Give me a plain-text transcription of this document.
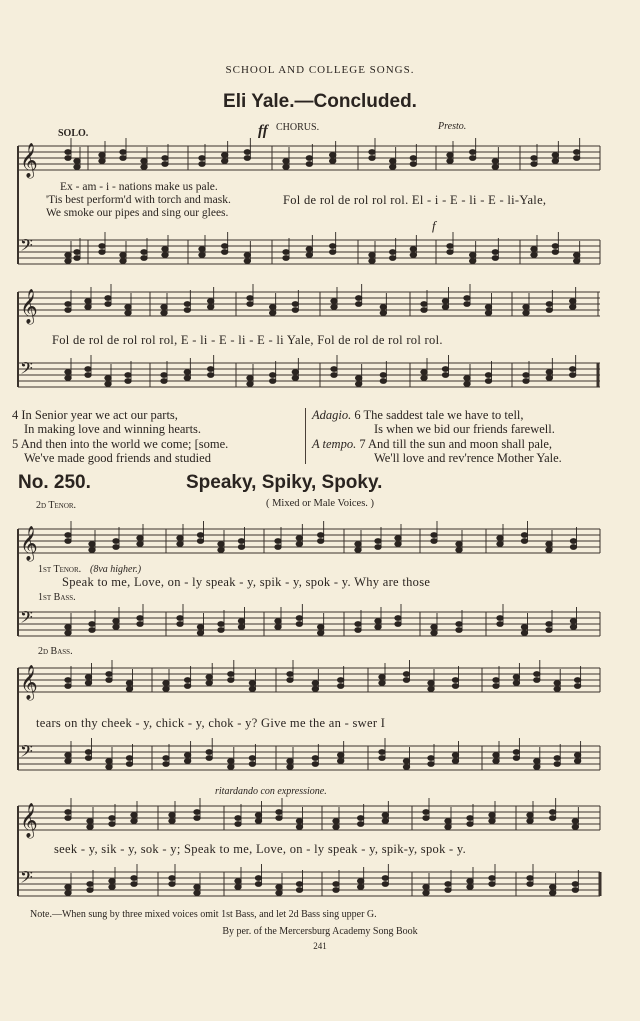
SCHOOL AND COLLEGE SONGS.
Eli Yale.—Concluded.
SOLO.	ff CHORUS.	Presto.
f
Ex - am - i - nations make us pale.
'Tis best perform'd with torch and mask.
We smoke our pipes and sing our glees.
Fol de rol de rol rol rol. El - i - E - li - E - li-Yale,
Fol de rol de rol rol rol, E - li - E - li - E - li Yale, Fol de rol de rol rol rol.
4 In Senior year we act our parts,
In making love and winning hearts.
5 And then into the world we come; [some.
We've made good friends and studied
Adagio. 6 The saddest tale we have to tell,
Is when we bid our friends farewell.
A tempo. 7 And till the sun and moon shall pale,
We'll love and rev'rence Mother Yale.
No. 250.	Speaky, Spiky, Spoky.
( Mixed or Male Voices. )
2d Tenor.
1st Tenor. (8va higher.)
1st Bass.
2d Bass.
Speak to me, Love, on - ly speak - y, spik - y, spok - y. Why are those
tears on thy cheek - y, chick - y, chok - y? Give me the an - swer I
ritardando con expressione.
seek - y, sik - y, sok - y; Speak to me, Love, on - ly speak - y, spik-y, spok - y.
Note.—When sung by three mixed voices omit 1st Bass, and let 2d Bass sing upper G.
By per. of the Mercersburg Academy Song Book
241
𝄞
𝄢
𝄞
𝄢
𝄞
𝄢
𝄞
𝄢
𝄞
𝄢
